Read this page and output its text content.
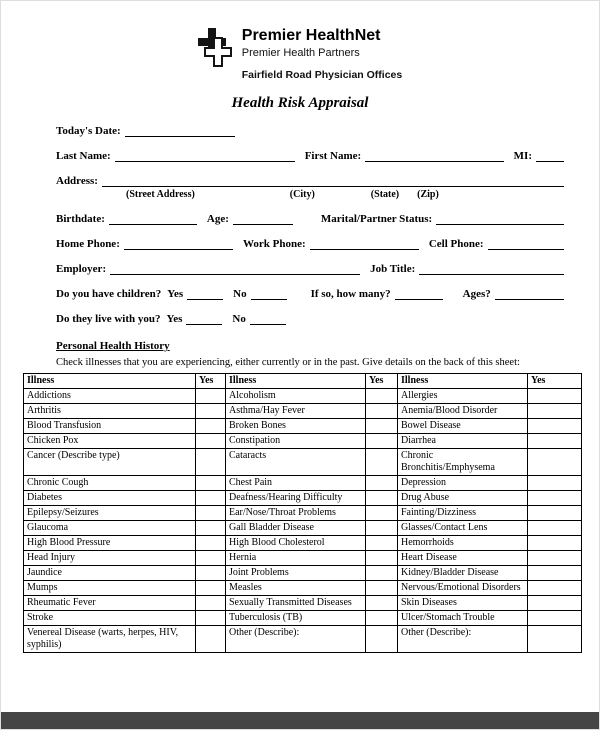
Premier HealthNet
Premier Health Partners
Fairfield Road Physician Offices
Health Risk Appraisal
Today's Date:
Last Name:	First Name:	MI:
Address:
(Street Address)	(City)	(State) (Zip)
Birthdate:	Age:	Marital/Partner Status:
Home Phone:	Work Phone:	Cell Phone:
Employer:	Job Title:
Do you have children? Yes	No	If so, how many?	Ages?
Do they live with you? Yes	No
Personal Health History
Check illnesses that you are experiencing, either currently or in the past. Give details on the back of this sheet:
Illness	Yes	Illness	Yes	Illness	Yes
Addictions		Alcoholism		Allergies	
Arthritis		Asthma/Hay Fever		Anemia/Blood Disorder	
Blood Transfusion		Broken Bones		Bowel Disease	
Chicken Pox		Constipation		Diarrhea	
Cancer (Describe type)		Cataracts		Chronic Bronchitis/Emphysema	
Chronic Cough		Chest Pain		Depression	
Diabetes		Deafness/Hearing Difficulty		Drug Abuse	
Epilepsy/Seizures		Ear/Nose/Throat Problems		Fainting/Dizziness	
Glaucoma		Gall Bladder Disease		Glasses/Contact Lens	
High Blood Pressure		High Blood Cholesterol		Hemorrhoids	
Head Injury		Hernia		Heart Disease	
Jaundice		Joint Problems		Kidney/Bladder Disease	
Mumps		Measles		Nervous/Emotional Disorders	
Rheumatic Fever		Sexually Transmitted Diseases		Skin Diseases	
Stroke		Tuberculosis (TB)		Ulcer/Stomach Trouble	
Venereal Disease (warts, herpes, HIV, syphilis)		Other (Describe):		Other (Describe):	
